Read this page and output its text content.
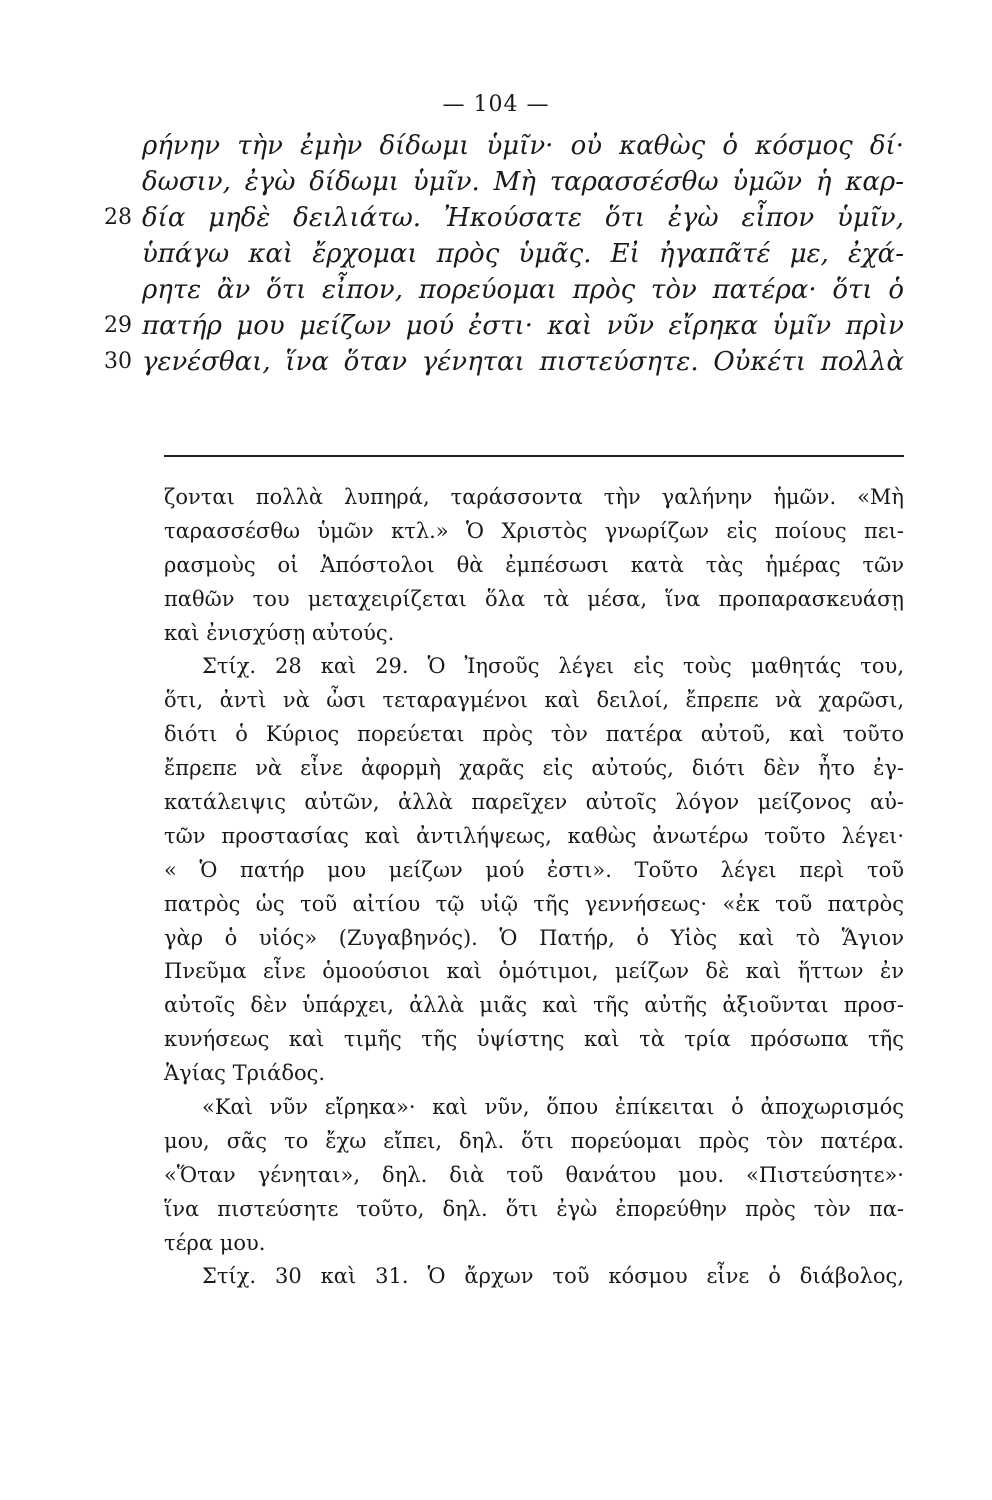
— 104 —
ρήνην τὴν ἐμὴν δίδωμι ὑμῖν· οὐ καθὼς ὁ κόσμος δί·
δωσιν, ἐγὼ δίδωμι ὑμῖν. Μὴ ταρασσέσθω ὑμῶν ἡ καρ-
28 δία μηδὲ δειλιάτω. Ἠκούσατε ὅτι ἐγὼ εἶπον ὑμῖν,
ὑπάγω καὶ ἔρχομαι πρὸς ὑμᾶς. Εἰ ἠγαπᾶτέ με, ἐχά-
ρητε ἂν ὅτι εἶπον, πορεύομαι πρὸς τὸν πατέρα· ὅτι ὁ
29 πατήρ μου μείζων μού ἐστι· καὶ νῦν εἴρηκα ὑμῖν πρὶν
30 γενέσθαι, ἵνα ὅταν γένηται πιστεύσητε. Οὐκέτι πολλὰ
ζονται πολλὰ λυπηρά, ταράσσοντα τὴν γαλήνην ἡμῶν. «Μὴ
ταρασσέσθω ὑμῶν κτλ.» Ὁ Χριστὸς γνωρίζων εἰς ποίους πει-
ρασμοὺς οἱ Ἀπόστολοι θὰ ἐμπέσωσι κατὰ τὰς ἡμέρας τῶν
παθῶν του μεταχειρίζεται ὅλα τὰ μέσα, ἵνα προπαρασκευάσῃ
καὶ ἐνισχύσῃ αὐτούς.
Στίχ. 28 καὶ 29. Ὁ Ἰησοῦς λέγει εἰς τοὺς μαθητάς του,
ὅτι, ἀντὶ νὰ ὦσι τεταραγμένοι καὶ δειλοί, ἔπρεπε νὰ χαρῶσι,
διότι ὁ Κύριος πορεύεται πρὸς τὸν πατέρα αὐτοῦ, καὶ τοῦτο
ἔπρεπε νὰ εἶνε ἀφορμὴ χαρᾶς εἰς αὐτούς, διότι δὲν ἦτο ἐγ-
κατάλειψις αὐτῶν, ἀλλὰ παρεῖχεν αὐτοῖς λόγον μείζονος αὐ-
τῶν προστασίας καὶ ἀντιλήψεως, καθὼς ἀνωτέρω τοῦτο λέγει·
« Ὁ πατήρ μου μείζων μού ἐστι». Τοῦτο λέγει περὶ τοῦ
πατρὸς ὡς τοῦ αἰτίου τῷ υἱῷ τῆς γεννήσεως· «ἐκ τοῦ πατρὸς
γὰρ ὁ υἱός» (Ζυγαβηνός). Ὁ Πατήρ, ὁ Υἱὸς καὶ τὸ Ἅγιον
Πνεῦμα εἶνε ὁμοούσιοι καὶ ὁμότιμοι, μείζων δὲ καὶ ἥττων ἐν
αὐτοῖς δὲν ὑπάρχει, ἀλλὰ μιᾶς καὶ τῆς αὐτῆς ἀξιοῦνται προσ-
κυνήσεως καὶ τιμῆς τῆς ὑψίστης καὶ τὰ τρία πρόσωπα τῆς
Ἁγίας Τριάδος.
«Καὶ νῦν εἴρηκα»· καὶ νῦν, ὅπου ἐπίκειται ὁ ἀποχωρισμός
μου, σᾶς το ἔχω εἴπει, δηλ. ὅτι πορεύομαι πρὸς τὸν πατέρα.
«Ὅταν γένηται», δηλ. διὰ τοῦ θανάτου μου. «Πιστεύσητε»·
ἵνα πιστεύσητε τοῦτο, δηλ. ὅτι ἐγὼ ἐπορεύθην πρὸς τὸν πα-
τέρα μου.
Στίχ. 30 καὶ 31. Ὁ ἄρχων τοῦ κόσμου εἶνε ὁ διάβολος,
